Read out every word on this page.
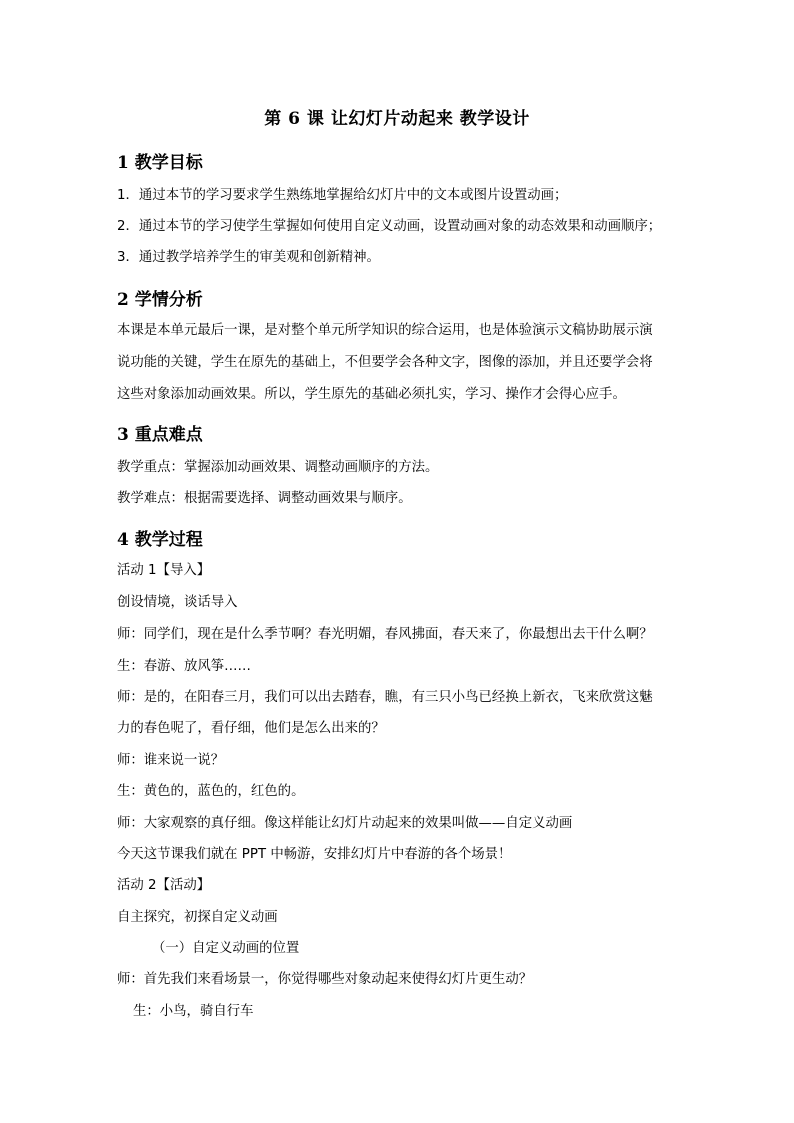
第 6 课 让幻灯片动起来 教学设计
1 教学目标
1．通过本节的学习要求学生熟练地掌握给幻灯片中的文本或图片设置动画；
2．通过本节的学习使学生掌握如何使用自定义动画，设置动画对象的动态效果和动画顺序；
3．通过教学培养学生的审美观和创新精神。
2 学情分析
本课是本单元最后一课，是对整个单元所学知识的综合运用，也是体验演示文稿协助展示演
说功能的关键，学生在原先的基础上，不但要学会各种文字，图像的添加，并且还要学会将
这些对象添加动画效果。所以，学生原先的基础必须扎实，学习、操作才会得心应手。
3 重点难点
教学重点：掌握添加动画效果、调整动画顺序的方法。
教学难点：根据需要选择、调整动画效果与顺序。
4 教学过程
活动 1【导入】
创设情境，谈话导入
师：同学们，现在是什么季节啊？春光明媚，春风拂面，春天来了，你最想出去干什么啊？
生：春游、放风筝……
师：是的，在阳春三月，我们可以出去踏春，瞧，有三只小鸟已经换上新衣，飞来欣赏这魅
力的春色呢了，看仔细，他们是怎么出来的？
师：谁来说一说？
生：黄色的，蓝色的，红色的。
师：大家观察的真仔细。像这样能让幻灯片动起来的效果叫做——自定义动画
今天这节课我们就在 PPT 中畅游，安排幻灯片中春游的各个场景！
活动 2【活动】
自主探究，初探自定义动画
（一）自定义动画的位置
师：首先我们来看场景一，你觉得哪些对象动起来使得幻灯片更生动？
生：小鸟，骑自行车
